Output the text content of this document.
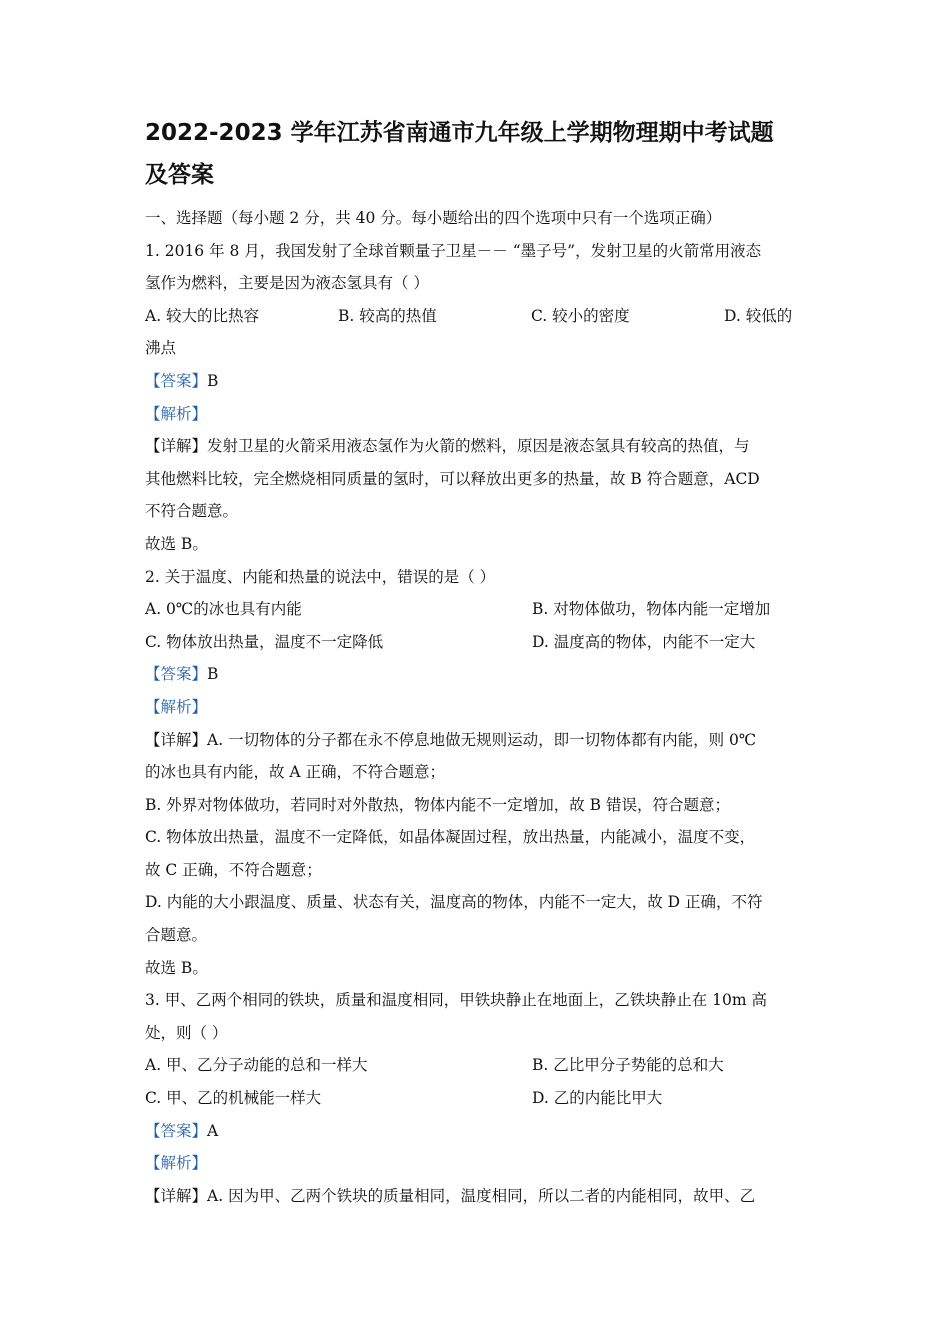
2022-2023 学年江苏省南通市九年级上学期物理期中考试题
及答案
一、选择题（每小题 2 分，共 40 分。每小题给出的四个选项中只有一个选项正确）
1. 2016 年 8 月，我国发射了全球首颗量子卫星－－ “墨子号”，发射卫星的火箭常用液态
氢作为燃料，主要是因为液态氢具有（ ）
A. 较大的比热容	B. 较高的热值	C. 较小的密度	D. 较低的
沸点
【答案】B
【解析】
【详解】发射卫星的火箭采用液态氢作为火箭的燃料，原因是液态氢具有较高的热值，与
其他燃料比较，完全燃烧相同质量的氢时，可以释放出更多的热量，故 B 符合题意，ACD
不符合题意。
故选 B。
2. 关于温度、内能和热量的说法中，错误的是（ ）
A. 0℃的冰也具有内能	B. 对物体做功，物体内能一定增加
C. 物体放出热量，温度不一定降低	D. 温度高的物体，内能不一定大
【答案】B
【解析】
【详解】A. 一切物体的分子都在永不停息地做无规则运动，即一切物体都有内能，则 0℃
的冰也具有内能，故 A 正确，不符合题意；
B. 外界对物体做功，若同时对外散热，物体内能不一定增加，故 B 错误，符合题意；
C. 物体放出热量，温度不一定降低，如晶体凝固过程，放出热量，内能减小，温度不变，
故 C 正确，不符合题意；
D. 内能的大小跟温度、质量、状态有关，温度高的物体，内能不一定大，故 D 正确，不符
合题意。
故选 B。
3. 甲、乙两个相同的铁块，质量和温度相同，甲铁块静止在地面上，乙铁块静止在 10m 高
处，则（ ）
A. 甲、乙分子动能的总和一样大	B. 乙比甲分子势能的总和大
C. 甲、乙的机械能一样大	D. 乙的内能比甲大
【答案】A
【解析】
【详解】A. 因为甲、乙两个铁块的质量相同，温度相同，所以二者的内能相同，故甲、乙
